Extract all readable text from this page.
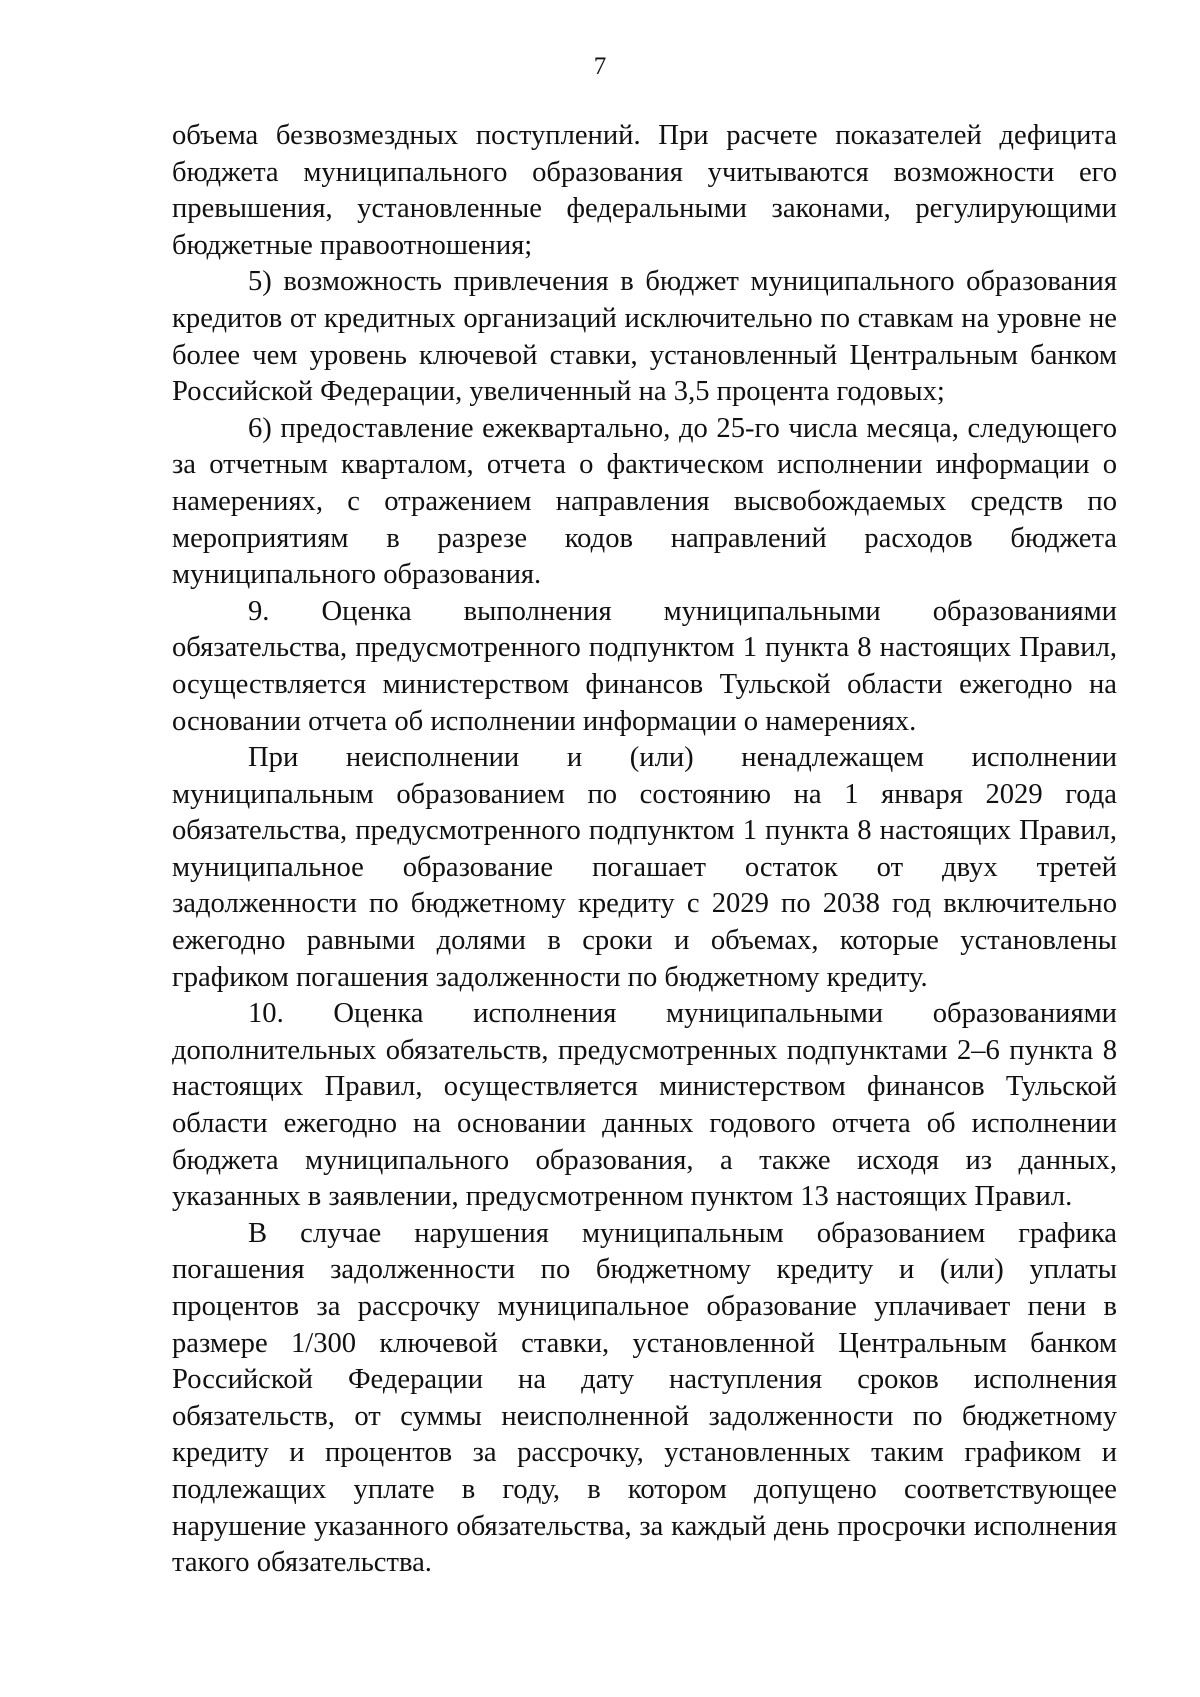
7

объема безвозмездных поступлений. При расчете показателей дефицита бюджета муниципального образования учитываются возможности его превышения, установленные федеральными законами, регулирующими бюджетные правоотношения;

5) возможность привлечения в бюджет муниципального образования кредитов от кредитных организаций исключительно по ставкам на уровне не более чем уровень ключевой ставки, установленный Центральным банком Российской Федерации, увеличенный на 3,5 процента годовых;

6) предоставление ежеквартально, до 25-го числа месяца, следующего за отчетным кварталом, отчета о фактическом исполнении информации о намерениях, с отражением направления высвобождаемых средств по мероприятиям в разрезе кодов направлений расходов бюджета муниципального образования.

9. Оценка выполнения муниципальными образованиями обязательства, предусмотренного подпунктом 1 пункта 8 настоящих Правил, осуществляется министерством финансов Тульской области ежегодно на основании отчета об исполнении информации о намерениях.

При неисполнении и (или) ненадлежащем исполнении муниципальным образованием по состоянию на 1 января 2029 года обязательства, предусмотренного подпунктом 1 пункта 8 настоящих Правил, муниципальное образование погашает остаток от двух третей задолженности по бюджетному кредиту с 2029 по 2038 год включительно ежегодно равными долями в сроки и объемах, которые установлены графиком погашения задолженности по бюджетному кредиту.

10. Оценка исполнения муниципальными образованиями дополнительных обязательств, предусмотренных подпунктами 2–6 пункта 8 настоящих Правил, осуществляется министерством финансов Тульской области ежегодно на основании данных годового отчета об исполнении бюджета муниципального образования, а также исходя из данных, указанных в заявлении, предусмотренном пунктом 13 настоящих Правил.

В случае нарушения муниципальным образованием графика погашения задолженности по бюджетному кредиту и (или) уплаты процентов за рассрочку муниципальное образование уплачивает пени в размере 1/300 ключевой ставки, установленной Центральным банком Российской Федерации на дату наступления сроков исполнения обязательств, от суммы неисполненной задолженности по бюджетному кредиту и процентов за рассрочку, установленных таким графиком и подлежащих уплате в году, в котором допущено соответствующее нарушение указанного обязательства, за каждый день просрочки исполнения такого обязательства.
